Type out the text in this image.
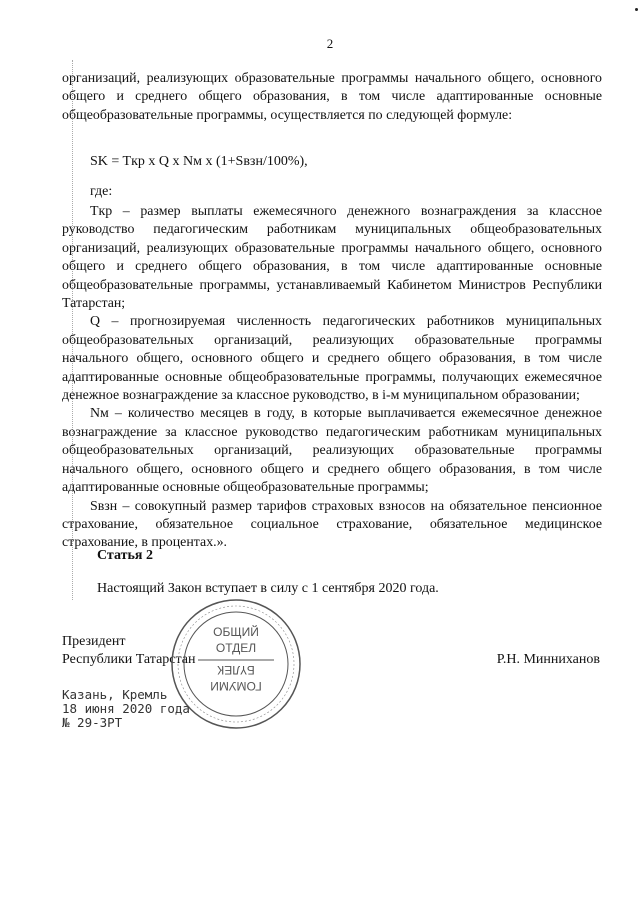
2

организаций, реализующих образовательные программы начального общего, основного общего и среднего общего образования, в том числе адаптированные основные общеобразовательные программы, осуществляется по следующей формуле:

SK = Tкр x Q x Nм x (1+Sвзн/100%),
где:

Tкр – размер выплаты ежемесячного денежного вознаграждения за классное руководство педагогическим работникам муниципальных общеобразовательных организаций, реализующих образовательные программы начального общего, основного общего и среднего общего образования, в том числе адаптированные основные общеобразовательные программы, устанавливаемый Кабинетом Министров Республики Татарстан;

Q – прогнозируемая численность педагогических работников муниципальных общеобразовательных организаций, реализующих образовательные программы начального общего, основного общего и среднего общего образования, в том числе адаптированные основные общеобразовательные программы, получающих ежемесячное денежное вознаграждение за классное руководство, в i-м муниципальном образовании;

Nм – количество месяцев в году, в которые выплачивается ежемесячное денежное вознаграждение за классное руководство педагогическим работникам муниципальных общеобразовательных организаций, реализующих образовательные программы начального общего, основного общего и среднего общего образования, в том числе адаптированные основные общеобразовательные программы;

Sвзн – совокупный размер тарифов страховых взносов на обязательное пенсионное страхование, обязательное социальное страхование, обязательное медицинское страхование, в процентах.».

Статья 2
Настоящий Закон вступает в силу с 1 сентября 2020 года.
Президент
Республики Татарстан	Р.Н. Минниханов
ОБЩИЙ
ОТДЕЛ
БҮЛЕК
ГОМУМИ
Казань, Кремль
18 июня 2020 года
№ 29-ЗРТ
